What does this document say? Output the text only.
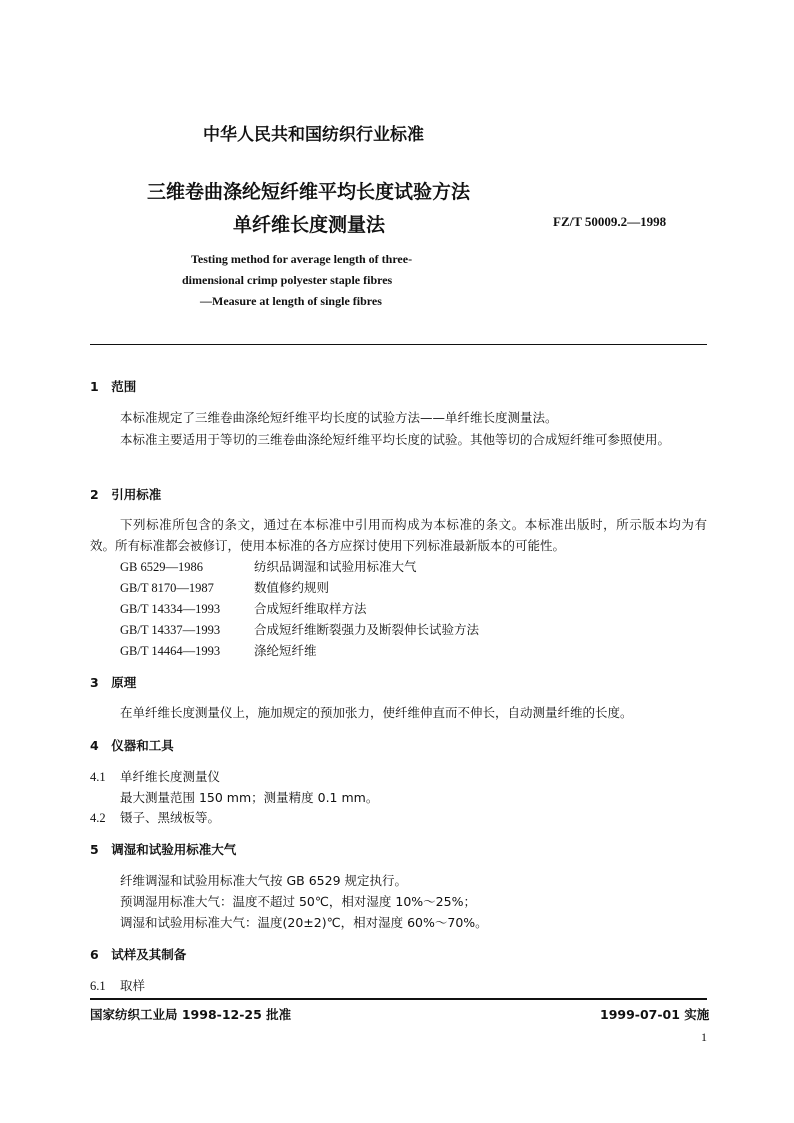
中华人民共和国纺织行业标准
三维卷曲涤纶短纤维平均长度试验方法
单纤维长度测量法	FZ/T 50009.2—1998
Testing method for average length of three-
dimensional crimp polyester staple fibres
—Measure at length of single fibres
1　范围
本标准规定了三维卷曲涤纶短纤维平均长度的试验方法——单纤维长度测量法。
本标准主要适用于等切的三维卷曲涤纶短纤维平均长度的试验。其他等切的合成短纤维可参照使用。
2　引用标准
下列标准所包含的条文，通过在本标准中引用而构成为本标准的条文。本标准出版时，所示版本均为有效。所有标准都会被修订，使用本标准的各方应探讨使用下列标准最新版本的可能性。
GB 6529—1986	纺织品调湿和试验用标准大气
GB/T 8170—1987	数值修约规则
GB/T 14334—1993	合成短纤维取样方法
GB/T 14337—1993	合成短纤维断裂强力及断裂伸长试验方法
GB/T 14464—1993	涤纶短纤维
3　原理
在单纤维长度测量仪上，施加规定的预加张力，使纤维伸直而不伸长，自动测量纤维的长度。
4　仪器和工具
4.1 单纤维长度测量仪
最大测量范围 150 mm；测量精度 0.1 mm。
4.2 镊子、黑绒板等。
5　调湿和试验用标准大气
纤维调湿和试验用标准大气按 GB 6529 规定执行。
预调湿用标准大气：温度不超过 50℃，相对湿度 10%～25%；
调湿和试验用标准大气：温度(20±2)℃，相对湿度 60%～70%。
6　试样及其制备
6.1 取样
国家纺织工业局 1998-12-25 批准	1999-07-01 实施
1
